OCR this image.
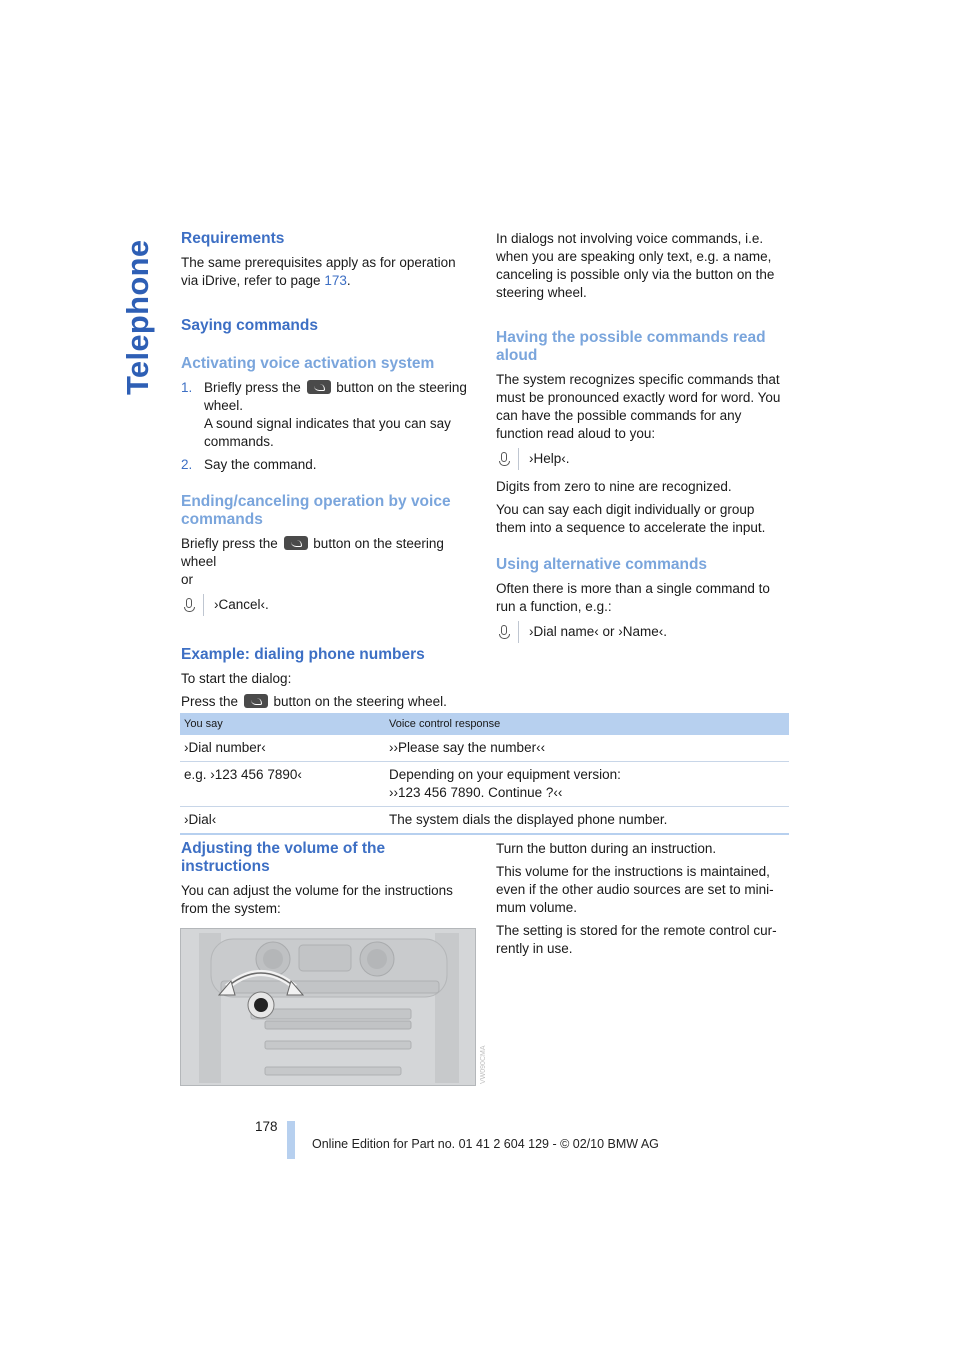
Telephone
Requirements

The same prerequisites apply as for operation via iDrive, refer to page 173.

Saying commands
Activating voice activation system
1. Briefly press the  button on the steering wheel.
A sound signal indicates that you can say commands.
2. Say the command.
Ending/canceling operation by voice commands

Briefly press the  button on the steering wheel
or

›Cancel‹.
Example: dialing phone numbers

To start the dialog:

Press the  button on the steering wheel.

In dialogs not involving voice commands, i.e. when you are speaking only text, e.g. a name, canceling is possible only via the button on the steering wheel.

Having the possible commands read aloud

The system recognizes specific commands that must be pronounced exactly word for word. You can have the possible commands for any function read aloud to you:

›Help‹.

Digits from zero to nine are recognized.

You can say each digit individually or group them into a sequence to accelerate the input.

Using alternative commands

Often there is more than a single command to run a function, e.g.:

›Dial name‹ or ›Name‹.
You say	Voice control response
›Dial number‹	››Please say the number‹‹
e.g. ›123 456 7890‹	Depending on your equipment version:
››123 456 7890. Continue ?‹‹
›Dial‹	The system dials the displayed phone number.
Adjusting the volume of the instructions

You can adjust the volume for the instructions from the system:

Turn the button during an instruction.

This volume for the instructions is maintained, even if the other audio sources are set to mini-mum volume.

The setting is stored for the remote control cur-rently in use.

VW090CMA
178
Online Edition for Part no. 01 41 2 604 129 - © 02/10 BMW AG
